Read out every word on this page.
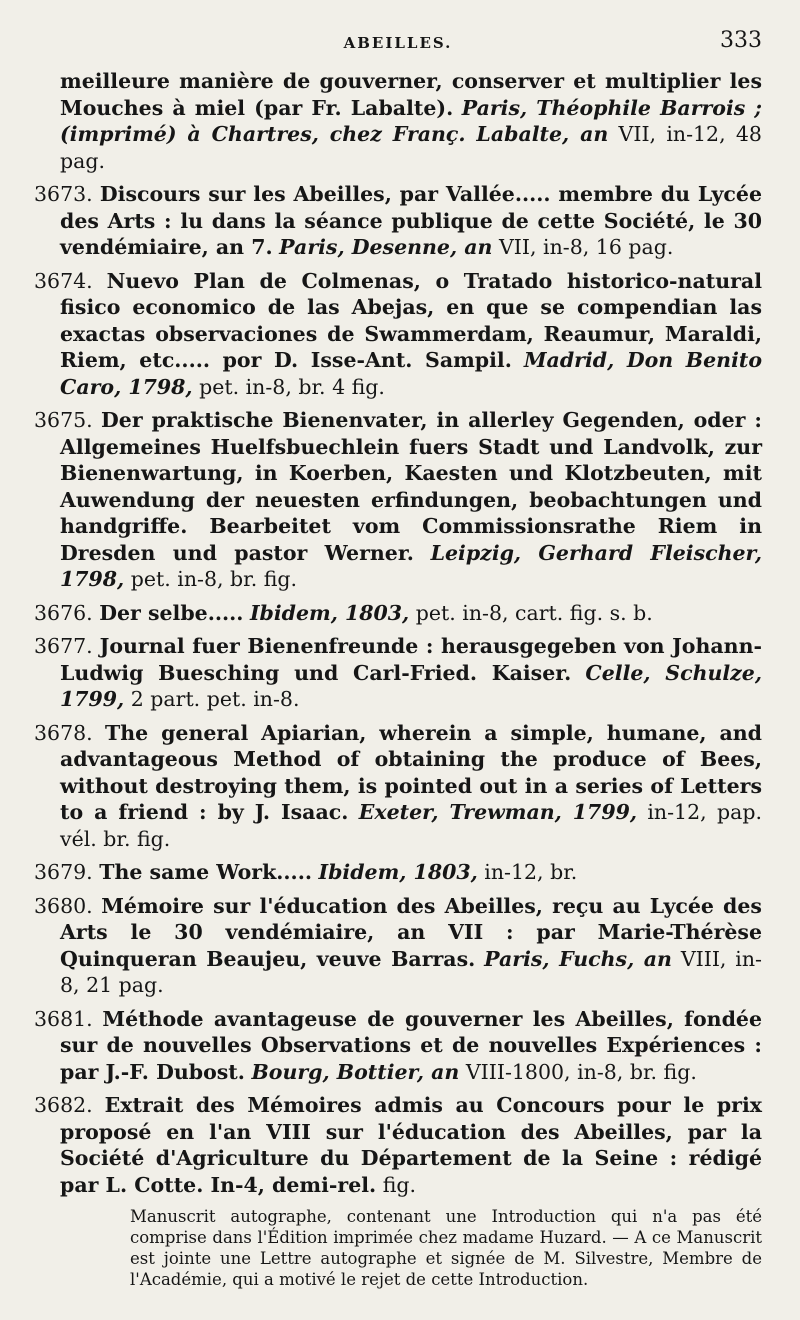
ABEILLES.	333

meilleure manière de gouverner, conserver et multiplier les Mouches à miel (par Fr. Labalte). Paris, Théophile Barrois ; (imprimé) à Chartres, chez Franç. Labalte, an VII, in-12, 48 pag.

3673. Discours sur les Abeilles, par Vallée..... membre du Lycée des Arts : lu dans la séance publique de cette Société, le 30 vendémiaire, an 7. Paris, Desenne, an VII, in-8, 16 pag.

3674. Nuevo Plan de Colmenas, o Tratado historico-natural fisico economico de las Abejas, en que se compendian las exactas observaciones de Swammerdam, Reaumur, Maraldi, Riem, etc..... por D. Isse-Ant. Sampil. Madrid, Don Benito Caro, 1798, pet. in-8, br. 4 fig.

3675. Der praktische Bienenvater, in allerley Gegenden, oder : Allgemeines Huelfsbuechlein fuers Stadt und Landvolk, zur Bienenwartung, in Koerben, Kaesten und Klotzbeuten, mit Auwendung der neuesten erfindungen, beobachtungen und handgriffe. Bearbeitet vom Commissionsrathe Riem in Dresden und pastor Werner. Leipzig, Gerhard Fleischer, 1798, pet. in-8, br. fig.

3676. Der selbe..... Ibidem, 1803, pet. in-8, cart. fig. s. b.

3677. Journal fuer Bienenfreunde : herausgegeben von Johann-Ludwig Buesching und Carl-Fried. Kaiser. Celle, Schulze, 1799, 2 part. pet. in-8.

3678. The general Apiarian, wherein a simple, humane, and advantageous Method of obtaining the produce of Bees, without destroying them, is pointed out in a series of Letters to a friend : by J. Isaac. Exeter, Trewman, 1799, in-12, pap. vél. br. fig.

3679. The same Work..... Ibidem, 1803, in-12, br.

3680. Mémoire sur l'éducation des Abeilles, reçu au Lycée des Arts le 30 vendémiaire, an VII : par Marie-Thérèse Quinqueran Beaujeu, veuve Barras. Paris, Fuchs, an VIII, in-8, 21 pag.

3681. Méthode avantageuse de gouverner les Abeilles, fondée sur de nouvelles Observations et de nouvelles Expériences : par J.-F. Dubost. Bourg, Bottier, an VIII-1800, in-8, br. fig.

3682. Extrait des Mémoires admis au Concours pour le prix proposé en l'an VIII sur l'éducation des Abeilles, par la Société d'Agriculture du Département de la Seine : rédigé par L. Cotte. In-4, demi-rel. fig.

Manuscrit autographe, contenant une Introduction qui n'a pas été comprise dans l'Édition imprimée chez madame Huzard. — A ce Manuscrit est jointe une Lettre autographe et signée de M. Silvestre, Membre de l'Académie, qui a motivé le rejet de cette Introduction.
